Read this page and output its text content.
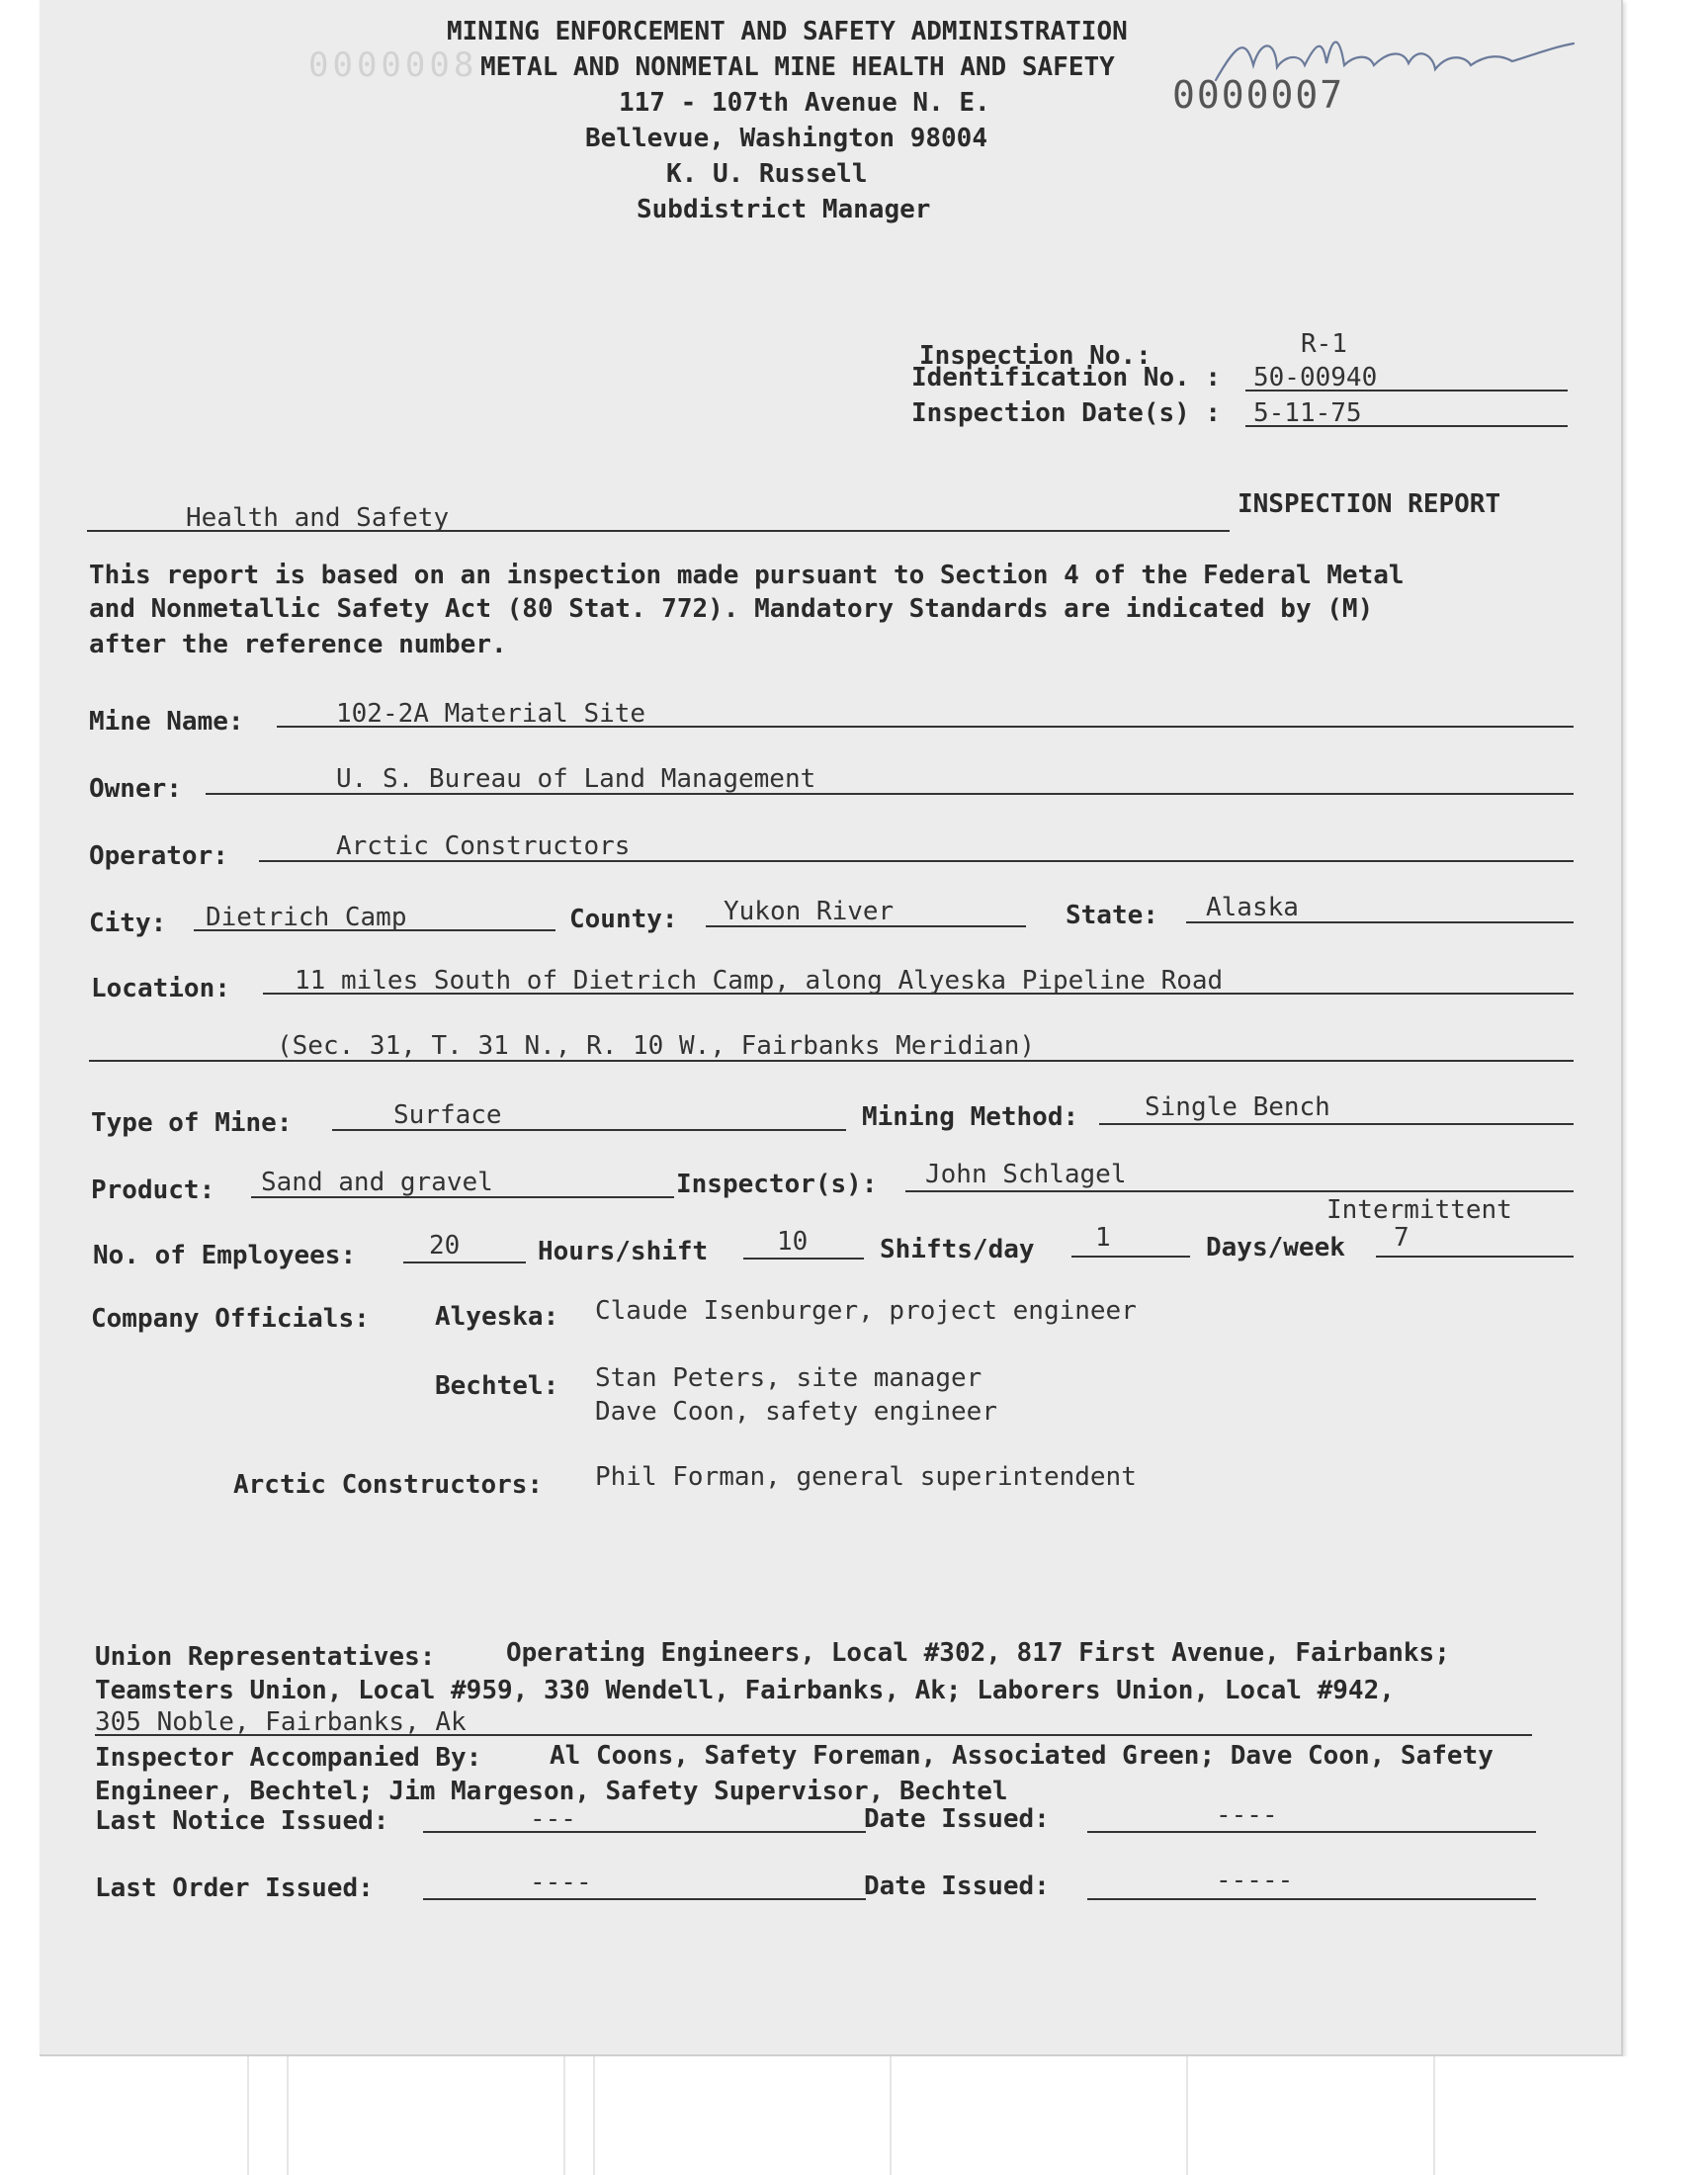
0000008
0000007
MINING ENFORCEMENT AND SAFETY ADMINISTRATION
METAL AND NONMETAL MINE HEALTH AND SAFETY
117 - 107th Avenue N. E.
Bellevue, Washington 98004
K. U. Russell
Subdistrict Manager
Inspection No.:	R-1
Identification No. : 50-00940
Inspection Date(s) : 5-11-75
Health and Safety	INSPECTION REPORT
This report is based on an inspection made pursuant to Section 4 of the Federal Metal
and Nonmetallic Safety Act (80 Stat. 772). Mandatory Standards are indicated by (M)
after the reference number.
Mine Name:	102-2A Material Site
Owner:	U. S. Bureau of Land Management
Operator:	Arctic Constructors
City: Dietrich Camp	County: Yukon River	State: Alaska
Location:	11 miles South of Dietrich Camp, along Alyeska Pipeline Road
(Sec. 31, T. 31 N., R. 10 W., Fairbanks Meridian)
Type of Mine:	Surface	Mining Method:	Single Bench
Product: Sand and gravel	Inspector(s): John Schlagel
Intermittent
No. of Employees:	20	Hours/shift	10	Shifts/day 1	Days/week 7
Company Officials:	Alyeska: Claude Isenburger, project engineer
Bechtel: Stan Peters, site manager
Dave Coon, safety engineer
Arctic Constructors: Phil Forman, general superintendent
Union Representatives:	Operating Engineers, Local #302, 817 First Avenue, Fairbanks;
Teamsters Union, Local #959, 330 Wendell, Fairbanks, Ak; Laborers Union, Local #942,
305 Noble, Fairbanks, Ak
Inspector Accompanied By:	Al Coons, Safety Foreman, Associated Green; Dave Coon, Safety
Engineer, Bechtel; Jim Margeson, Safety Supervisor, Bechtel
Last Notice Issued:	---	Date Issued:	----
Last Order Issued:	----	Date Issued:	-----
